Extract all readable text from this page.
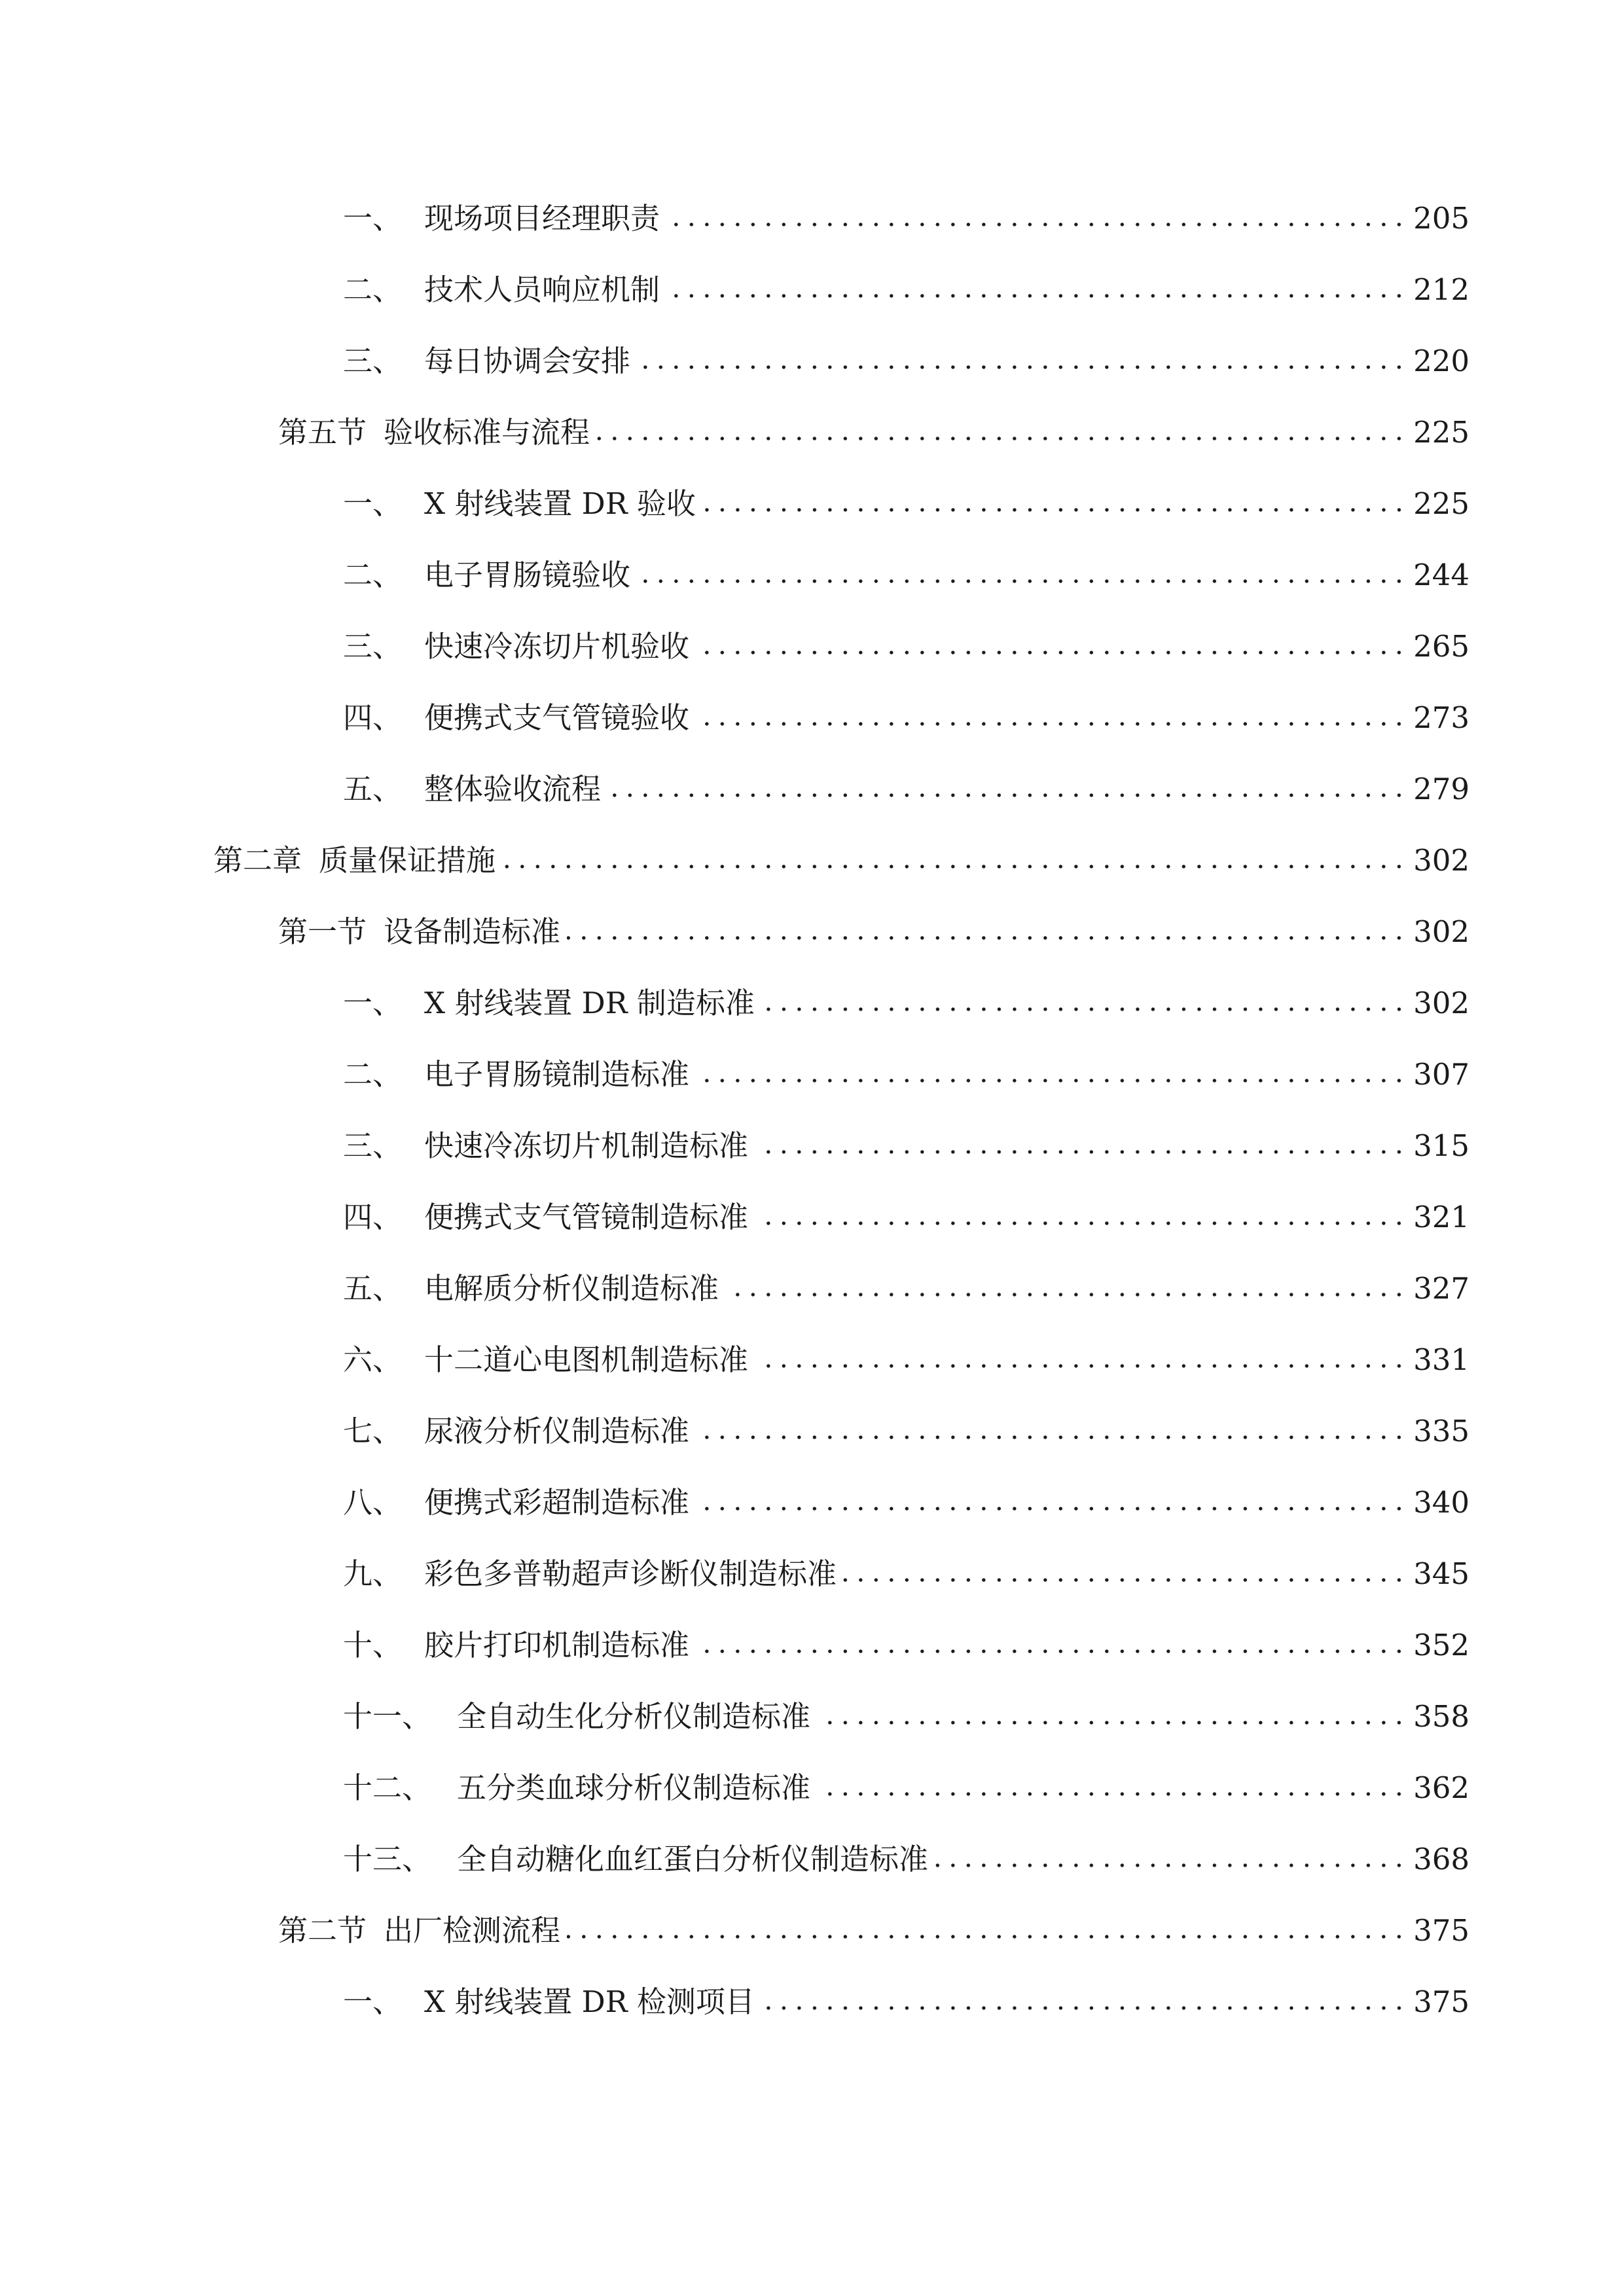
一、 现场项目经理职责	205
二、 技术人员响应机制	212
三、 每日协调会安排	220
第五节 验收标准与流程	225
一、 X 射线装置 DR 验收	225
二、 电子胃肠镜验收	244
三、 快速冷冻切片机验收	265
四、 便携式支气管镜验收	273
五、 整体验收流程	279
第二章 质量保证措施	302
第一节 设备制造标准	302
一、 X 射线装置 DR 制造标准	302
二、 电子胃肠镜制造标准	307
三、 快速冷冻切片机制造标准	315
四、 便携式支气管镜制造标准	321
五、 电解质分析仪制造标准	327
六、 十二道心电图机制造标准	331
七、 尿液分析仪制造标准	335
八、 便携式彩超制造标准	340
九、 彩色多普勒超声诊断仪制造标准	345
十、 胶片打印机制造标准	352
十一、 全自动生化分析仪制造标准	358
十二、 五分类血球分析仪制造标准	362
十三、 全自动糖化血红蛋白分析仪制造标准	368
第二节 出厂检测流程	375
一、 X 射线装置 DR 检测项目	375
